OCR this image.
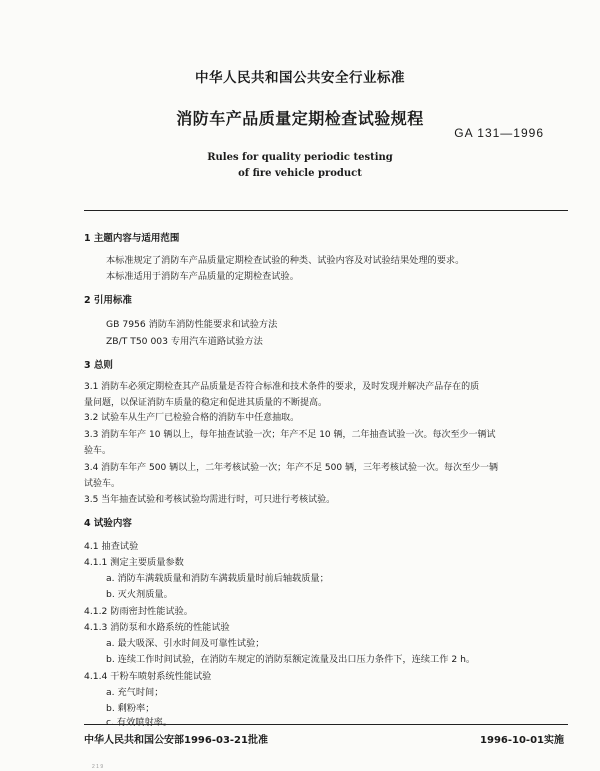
中华人民共和国公共安全行业标准
消防车产品质量定期检查试验规程
GA 131—1996
Rules for quality periodic testing
of fire vehicle product
1 主题内容与适用范围
本标准规定了消防车产品质量定期检查试验的种类、试验内容及对试验结果处理的要求。
本标准适用于消防车产品质量的定期检查试验。
2 引用标准
GB 7956 消防车消防性能要求和试验方法
ZB/T T50 003 专用汽车道路试验方法
3 总则
3.1 消防车必须定期检查其产品质量是否符合标准和技术条件的要求，及时发现并解决产品存在的质
量问题，以保证消防车质量的稳定和促进其质量的不断提高。
3.2 试验车从生产厂已检验合格的消防车中任意抽取。
3.3 消防车年产 10 辆以上，每年抽查试验一次；年产不足 10 辆，二年抽查试验一次。每次至少一辆试
验车。
3.4 消防车年产 500 辆以上，二年考核试验一次；年产不足 500 辆，三年考核试验一次。每次至少一辆
试验车。
3.5 当年抽查试验和考核试验均需进行时，可只进行考核试验。
4 试验内容
4.1 抽查试验
4.1.1 测定主要质量参数
a. 消防车满载质量和消防车满载质量时前后轴载质量；
b. 灭火剂质量。
4.1.2 防雨密封性能试验。
4.1.3 消防泵和水路系统的性能试验
a. 最大吸深、引水时间及可靠性试验；
b. 连续工作时间试验，在消防车规定的消防泵额定流量及出口压力条件下，连续工作 2 h。
4.1.4 干粉车喷射系统性能试验
a. 充气时间；
b. 剩粉率；
c. 有效喷射率。
中华人民共和国公安部1996-03-21批准	1996-10-01实施
2 1 9
